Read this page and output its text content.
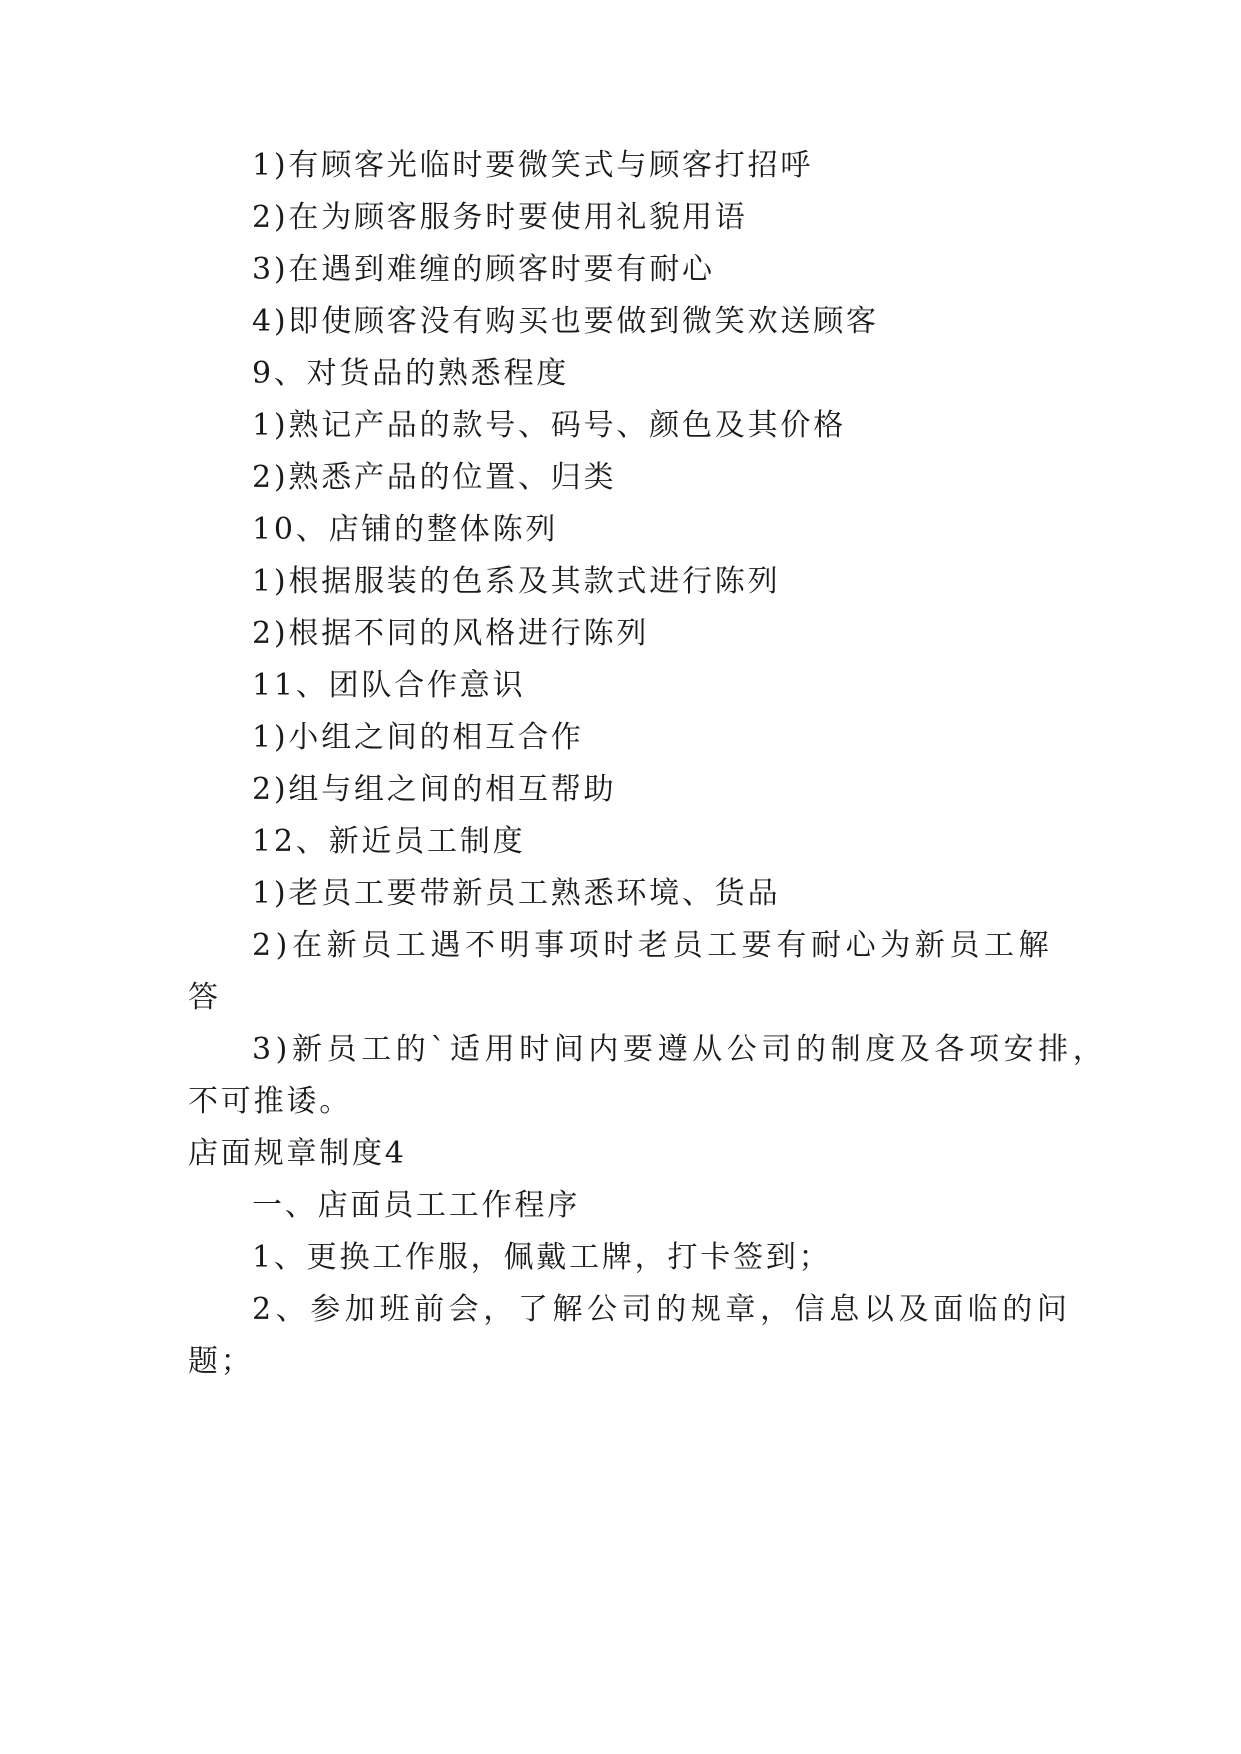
1)有顾客光临时要微笑式与顾客打招呼
2)在为顾客服务时要使用礼貌用语
3)在遇到难缠的顾客时要有耐心
4)即使顾客没有购买也要做到微笑欢送顾客
9、对货品的熟悉程度
1)熟记产品的款号、码号、颜色及其价格
2)熟悉产品的位置、归类
10、店铺的整体陈列
1)根据服装的色系及其款式进行陈列
2)根据不同的风格进行陈列
11、团队合作意识
1)小组之间的相互合作
2)组与组之间的相互帮助
12、新近员工制度
1)老员工要带新员工熟悉环境、货品
2)在新员工遇不明事项时老员工要有耐心为新员工解
答
3)新员工的`适用时间内要遵从公司的制度及各项安排，
不可推诿。
店面规章制度4
一、店面员工工作程序
1、更换工作服，佩戴工牌，打卡签到；
2、参加班前会，了解公司的规章，信息以及面临的问
题；
